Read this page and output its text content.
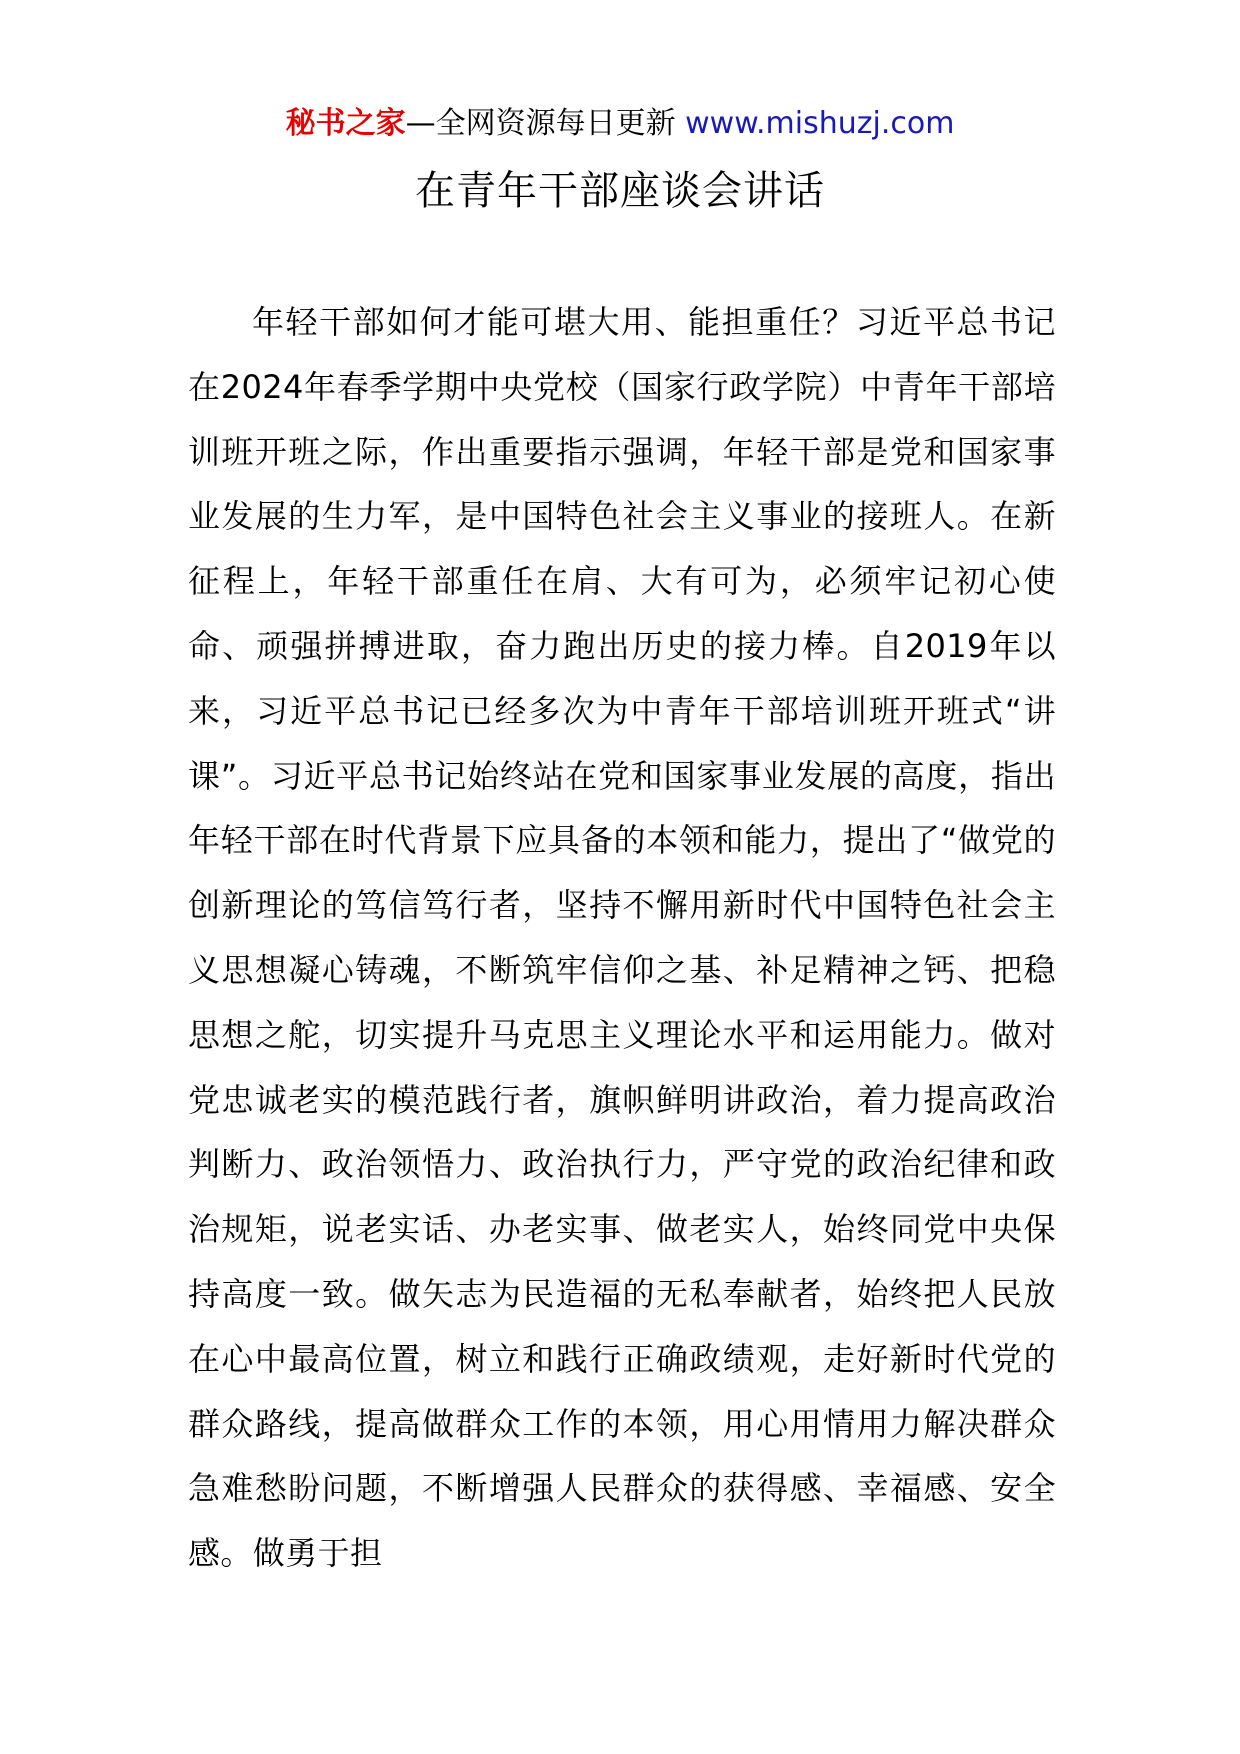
秘书之家—全网资源每日更新 www.mishuzj.com
在青年干部座谈会讲话

年轻干部如何才能可堪大用、能担重任？习近平总书记在2024年春季学期中央党校（国家行政学院）中青年干部培训班开班之际，作出重要指示强调，年轻干部是党和国家事业发展的生力军，是中国特色社会主义事业的接班人。在新征程上，年轻干部重任在肩、大有可为，必须牢记初心使命、顽强拼搏进取，奋力跑出历史的接力棒。自2019年以来，习近平总书记已经多次为中青年干部培训班开班式“讲课”。习近平总书记始终站在党和国家事业发展的高度，指出年轻干部在时代背景下应具备的本领和能力，提出了“做党的创新理论的笃信笃行者，坚持不懈用新时代中国特色社会主义思想凝心铸魂，不断筑牢信仰之基、补足精神之钙、把稳思想之舵，切实提升马克思主义理论水平和运用能力。做对党忠诚老实的模范践行者，旗帜鲜明讲政治，着力提高政治判断力、政治领悟力、政治执行力，严守党的政治纪律和政治规矩，说老实话、办老实事、做老实人，始终同党中央保持高度一致。做矢志为民造福的无私奉献者，始终把人民放在心中最高位置，树立和践行正确政绩观，走好新时代党的群众路线，提高做群众工作的本领，用心用情用力解决群众急难愁盼问题，不断增强人民群众的获得感、幸福感、安全感。做勇于担
